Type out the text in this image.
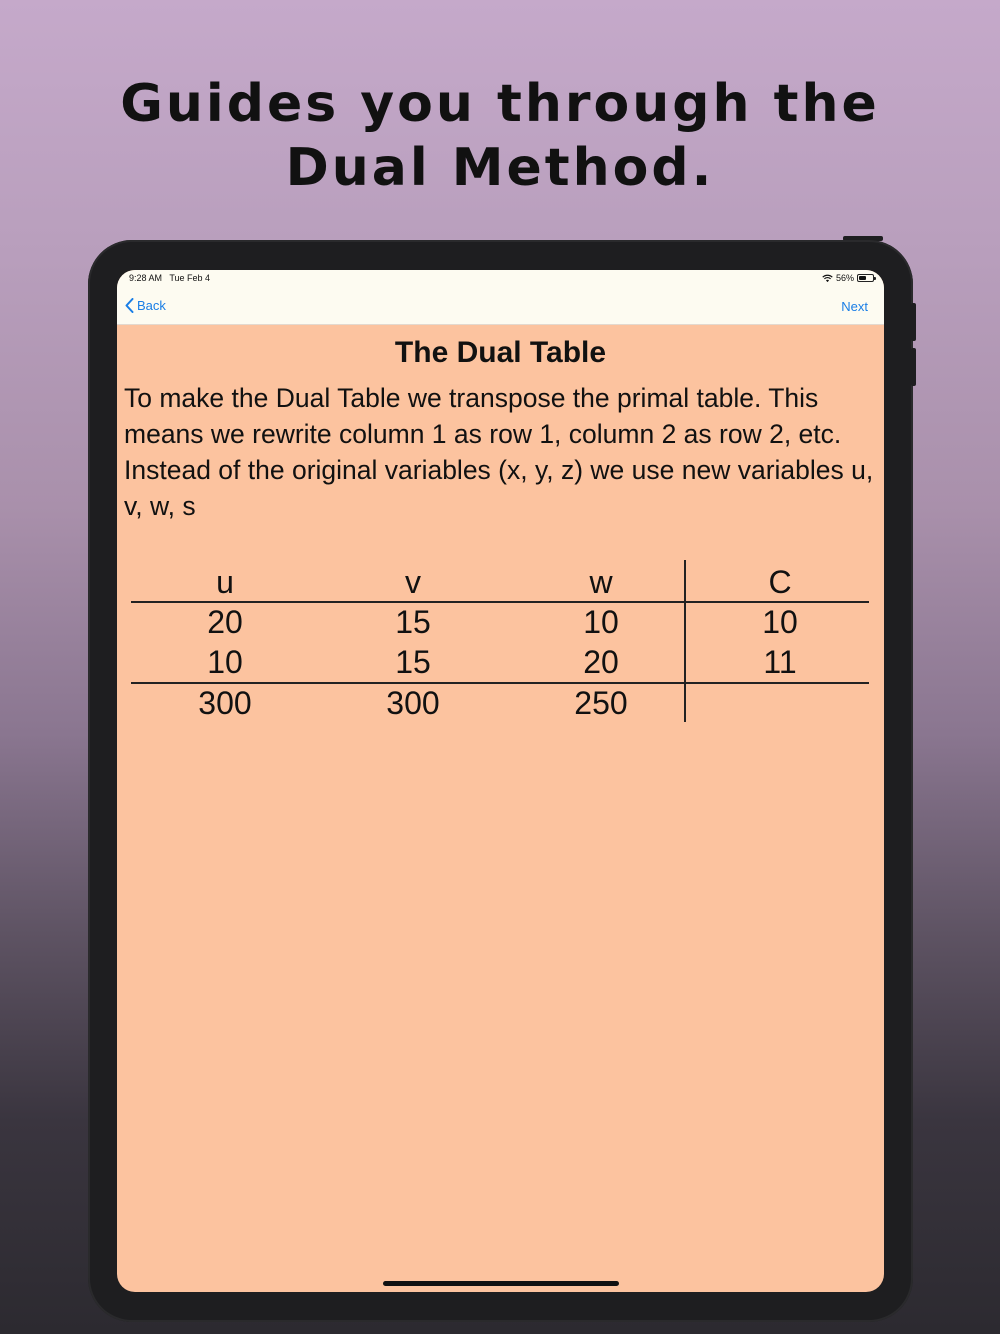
Guides you through the Dual Method.
9:28 AM Tue Feb 4	56%
Back	Next
The Dual Table
To make the Dual Table we transpose the primal table. This means we rewrite column 1 as row 1, column 2 as row 2, etc. Instead of the original variables (x, y, z) we use new variables u, v, w, s
u	v	w	C
20	15	10	10
10	15	20	11
300	300	250
